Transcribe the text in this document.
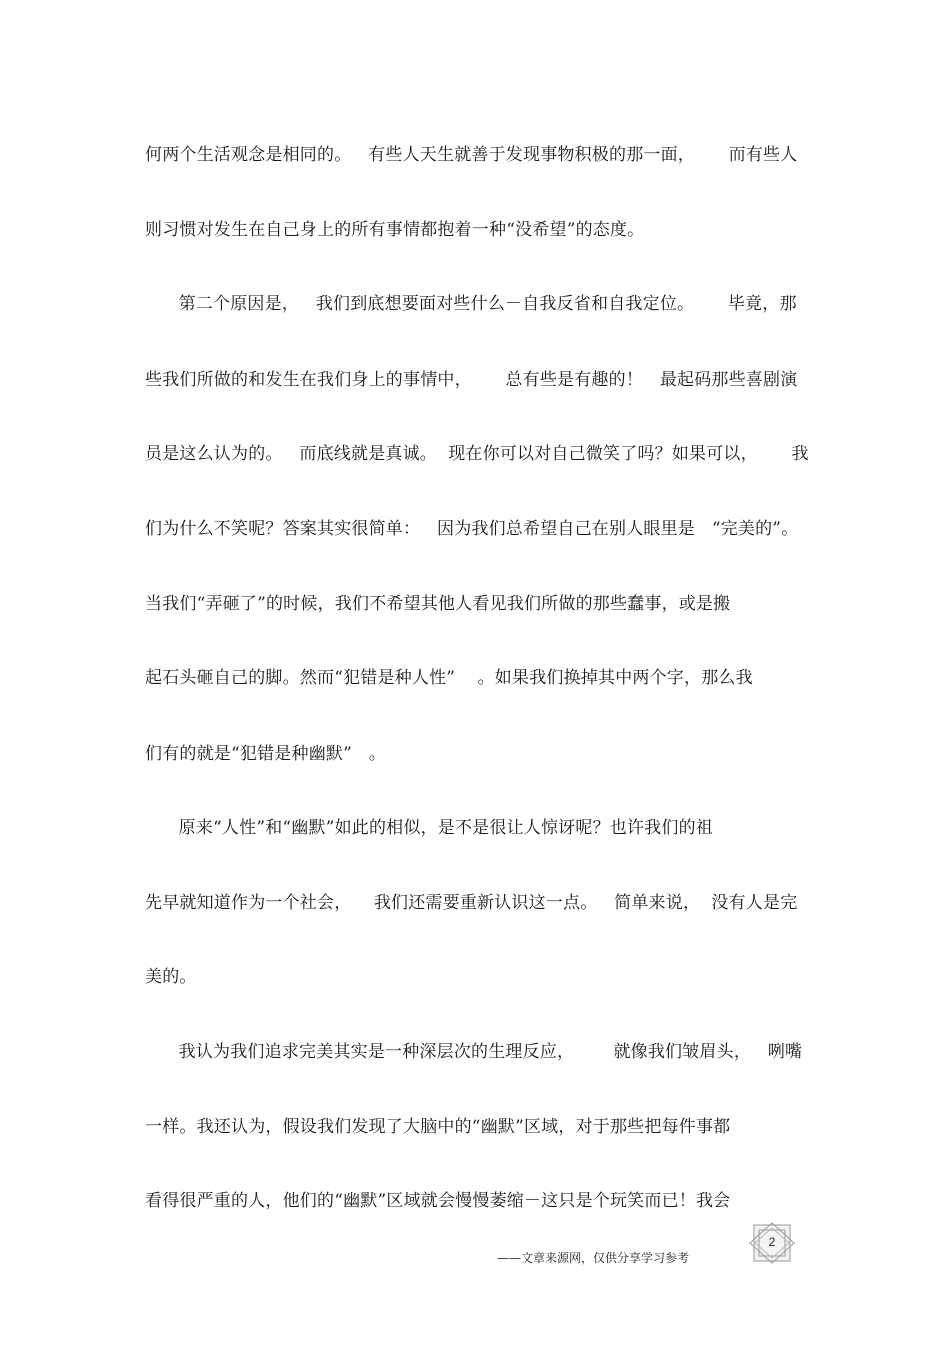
何两个生活观念是相同的。   有些人天生就善于发现事物积极的那一面，      而有些人
则习惯对发生在自己身上的所有事情都抱着一种“没希望”的态度。
第二个原因是，   我们到底想要面对些什么－自我反省和自我定位。      毕竟，那
些我们所做的和发生在我们身上的事情中，      总有些是有趣的！   最起码那些喜剧演
员是这么认为的。   而底线就是真诚。  现在你可以对自己微笑了吗？如果可以，      我
们为什么不笑呢？答案其实很简单：   因为我们总希望自己在别人眼里是   “完美的”。
当我们“弄砸了”的时候，我们不希望其他人看见我们所做的那些蠢事，或是搬
起石头砸自己的脚。然而“犯错是种人性”    。如果我们换掉其中两个字，那么我
们有的就是“犯错是种幽默”   。
原来“人性”和“幽默”如此的相似，是不是很让人惊讶呢？也许我们的祖
先早就知道作为一个社会，    我们还需要重新认识这一点。   简单来说，  没有人是完
美的。
我认为我们追求完美其实是一种深层次的生理反应，       就像我们皱眉头，   咧嘴
一样。我还认为，假设我们发现了大脑中的“幽默”区域，对于那些把每件事都
看得很严重的人，他们的“幽默”区域就会慢慢萎缩－这只是个玩笑而已！我会
2
——文章来源网，仅供分享学习参考
